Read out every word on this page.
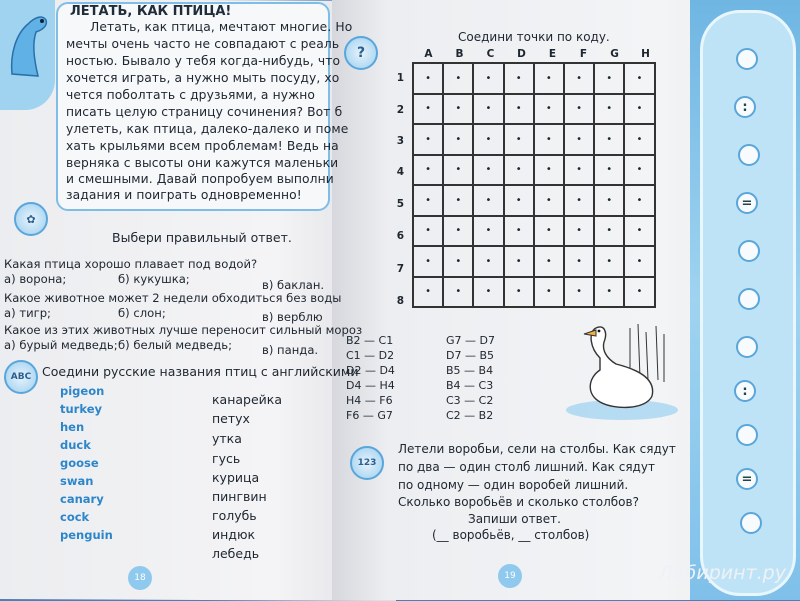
ЛЕТАТЬ, КАК ПТИЦА!
Летать, как птица, мечтают многие. Но
мечты очень часто не совпадают с реаль
ностью. Бывало у тебя когда-нибудь, что
хочется играть, а нужно мыть посуду, хо
чется поболтать с друзьями, а нужно
писать целую страницу сочинения? Вот б
улететь, как птица, далеко-далеко и поме
хать крыльями всем проблемам! Ведь на
верняка с высоты они кажутся маленьки
и смешными. Давай попробуем выполни
задания и поиграть одновременно!
✿
Выбери правильный ответ.
Какая птица хорошо плавает под водой?
а) ворона;	б) кукушка;	в) баклан.
Какое животное может 2 недели обходиться без воды
а) тигр;	б) слон;	в) верблю
Какое из этих животных лучше переносит сильный мороз
а) бурый медведь; б) белый медведь;	в) панда.
ABC Соедини русские названия птиц с английскими
pigeon
turkey
hen
duck
goose
swan
canary
cock
penguin
канарейка
петух
утка
гусь
курица
пингвин
голубь
индюк
лебедь
18
?
Соедини точки по коду.
A	B	C	D	E	F	G	H
1
2
3
4
5
6
7
8
•	•	•	•	•	•	•	•
•	•	•	•	•	•	•	•
•	•	•	•	•	•	•	•
•	•	•	•	•	•	•	•
•	•	•	•	•	•	•	•
•	•	•	•	•	•	•	•
•	•	•	•	•	•	•	•
•	•	•	•	•	•	•	•
B2 — C1
C1 — D2
D2 — D4
D4 — H4
H4 — F6
F6 — G7
G7 — D7
D7 — B5
B5 — B4
B4 — C3
C3 — C2
C2 — B2
123
Летели воробьи, сели на столбы. Как сядут
по два — один столб лишний. Как сядут
по одному — один воробей лишний.
Сколько воробьёв и сколько столбов?
Запиши ответ.
(__ воробьёв, __ столбов)
19
:
=
:
=
Лабиринт.ру
